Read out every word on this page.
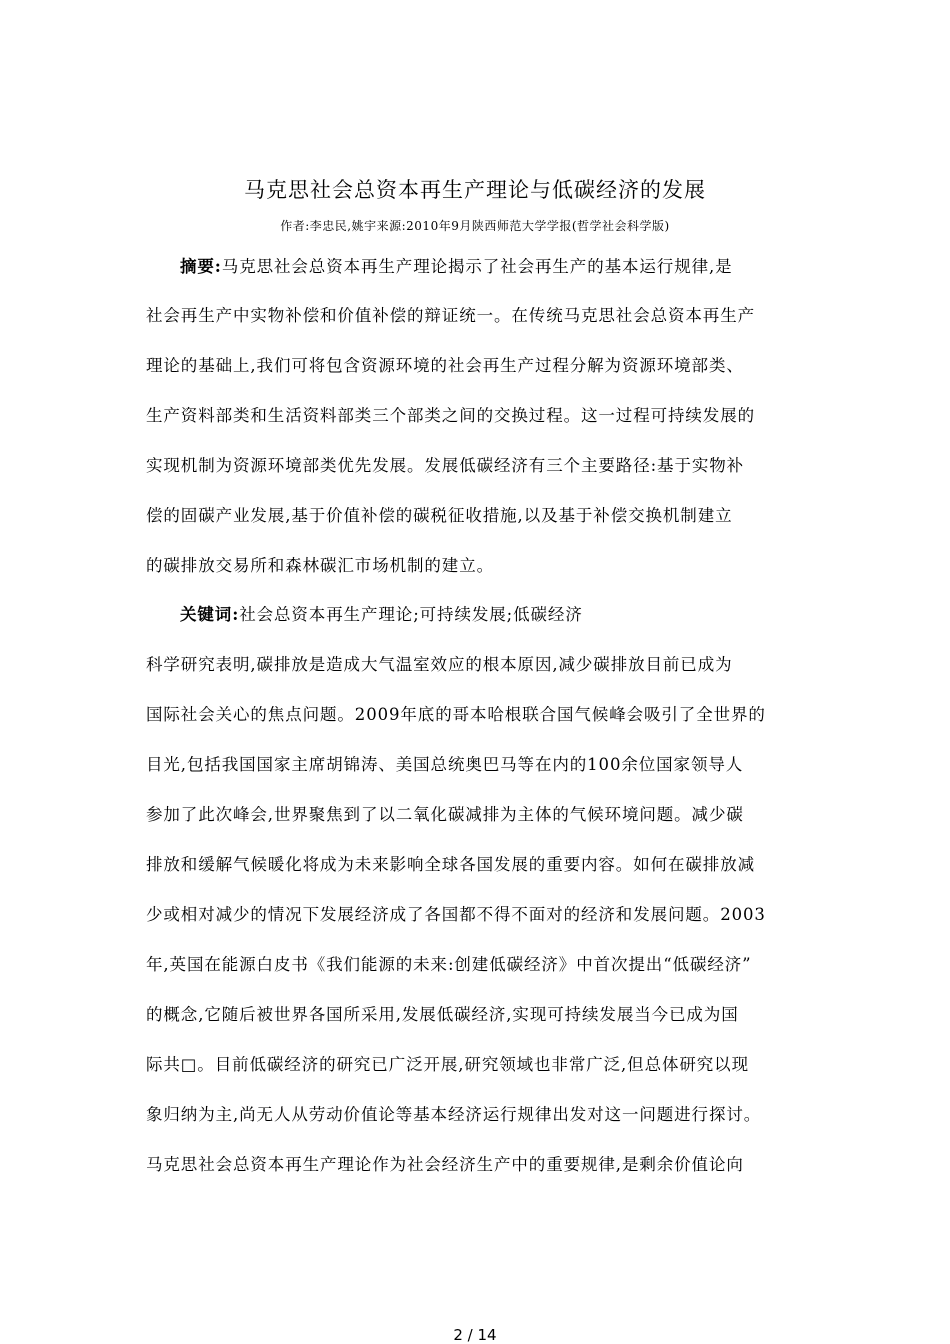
马克思社会总资本再生产理论与低碳经济的发展
作者:李忠民,姚宇来源:2010年9月陕西师范大学学报(哲学社会科学版)
摘要:马克思社会总资本再生产理论揭示了社会再生产的基本运行规律,是
社会再生产中实物补偿和价值补偿的辩证统一。在传统马克思社会总资本再生产
理论的基础上,我们可将包含资源环境的社会再生产过程分解为资源环境部类、
生产资料部类和生活资料部类三个部类之间的交换过程。这一过程可持续发展的
实现机制为资源环境部类优先发展。发展低碳经济有三个主要路径:基于实物补
偿的固碳产业发展,基于价值补偿的碳税征收措施,以及基于补偿交换机制建立
的碳排放交易所和森林碳汇市场机制的建立。
关键词:社会总资本再生产理论;可持续发展;低碳经济
科学研究表明,碳排放是造成大气温室效应的根本原因,减少碳排放目前已成为
国际社会关心的焦点问题。2009年底的哥本哈根联合国气候峰会吸引了全世界的
目光,包括我国国家主席胡锦涛、美国总统奥巴马等在内的100余位国家领导人
参加了此次峰会,世界聚焦到了以二氧化碳减排为主体的气候环境问题。减少碳
排放和缓解气候暖化将成为未来影响全球各国发展的重要内容。如何在碳排放减
少或相对减少的情况下发展经济成了各国都不得不面对的经济和发展问题。2003
年,英国在能源白皮书《我们能源的未来:创建低碳经济》中首次提出“低碳经济”
的概念,它随后被世界各国所采用,发展低碳经济,实现可持续发展当今已成为国
际共□。目前低碳经济的研究已广泛开展,研究领域也非常广泛,但总体研究以现
象归纳为主,尚无人从劳动价值论等基本经济运行规律出发对这一问题进行探讨。
马克思社会总资本再生产理论作为社会经济生产中的重要规律,是剩余价值论向
2 / 14
